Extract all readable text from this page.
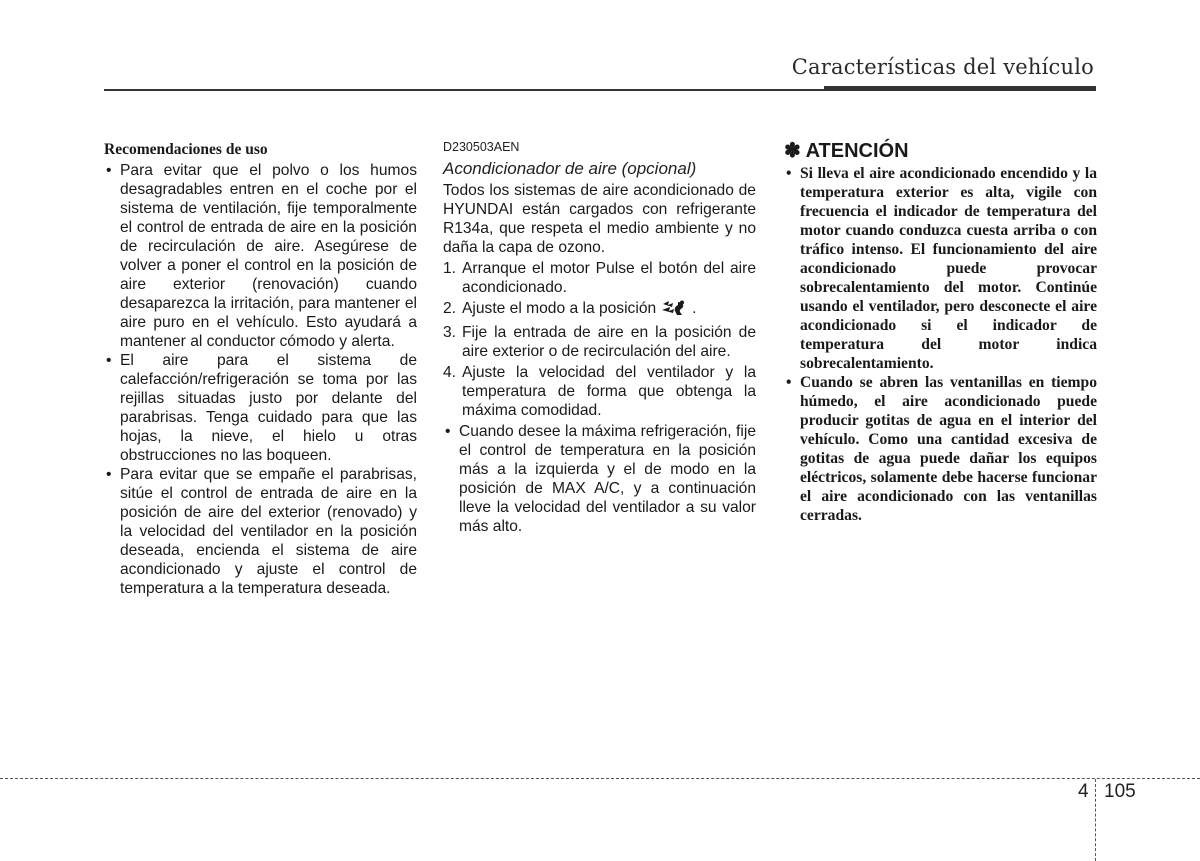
Características del vehículo
Recomendaciones de uso
• Para evitar que el polvo o los humos desagradables entren en el coche por el sistema de ventilación, fije temporalmente el control de entrada de aire en la posición de recirculación de aire. Asegúrese de volver a poner el control en la posición de aire exterior (renovación) cuando desaparezca la irritación, para mantener el aire puro en el vehículo. Esto ayudará a mantener al conductor cómodo y alerta.
• El aire para el sistema de calefacción/refrigeración se toma por las rejillas situadas justo por delante del parabrisas. Tenga cuidado para que las hojas, la nieve, el hielo u otras obstrucciones no las boqueen.
• Para evitar que se empañe el parabrisas, sitúe el control de entrada de aire en la posición de aire del exterior (renovado) y la velocidad del ventilador en la posición deseada, encienda el sistema de aire acondicionado y ajuste el control de temperatura a la temperatura deseada.
D230503AEN
Acondicionador de aire (opcional)
Todos los sistemas de aire acondicionado de HYUNDAI están cargados con refrigerante R134a, que respeta el medio ambiente y no daña la capa de ozono.
1. Arranque el motor Pulse el botón del aire acondicionado.
2. Ajuste el modo a la posición .
3. Fije la entrada de aire en la posición de aire exterior o de recirculación del aire.
4. Ajuste la velocidad del ventilador y la temperatura de forma que obtenga la máxima comodidad.
• Cuando desee la máxima refrigeración, fije el control de temperatura en la posición más a la izquierda y el de modo en la posición de MAX A/C, y a continuación lleve la velocidad del ventilador a su valor más alto.
✽ ATENCIÓN
• Si lleva el aire acondicionado encendido y la temperatura exterior es alta, vigile con frecuencia el indicador de temperatura del motor cuando conduzca cuesta arriba o con tráfico intenso. El funcionamiento del aire acondicionado puede provocar sobrecalentamiento del motor. Continúe usando el ventilador, pero desconecte el aire acondicionado si el indicador de temperatura del motor indica sobrecalentamiento.
• Cuando se abren las ventanillas en tiempo húmedo, el aire acondicionado puede producir gotitas de agua en el interior del vehículo. Como una cantidad excesiva de gotitas de agua puede dañar los equipos eléctricos, solamente debe hacerse funcionar el aire acondicionado con las ventanillas cerradas.
4 105
